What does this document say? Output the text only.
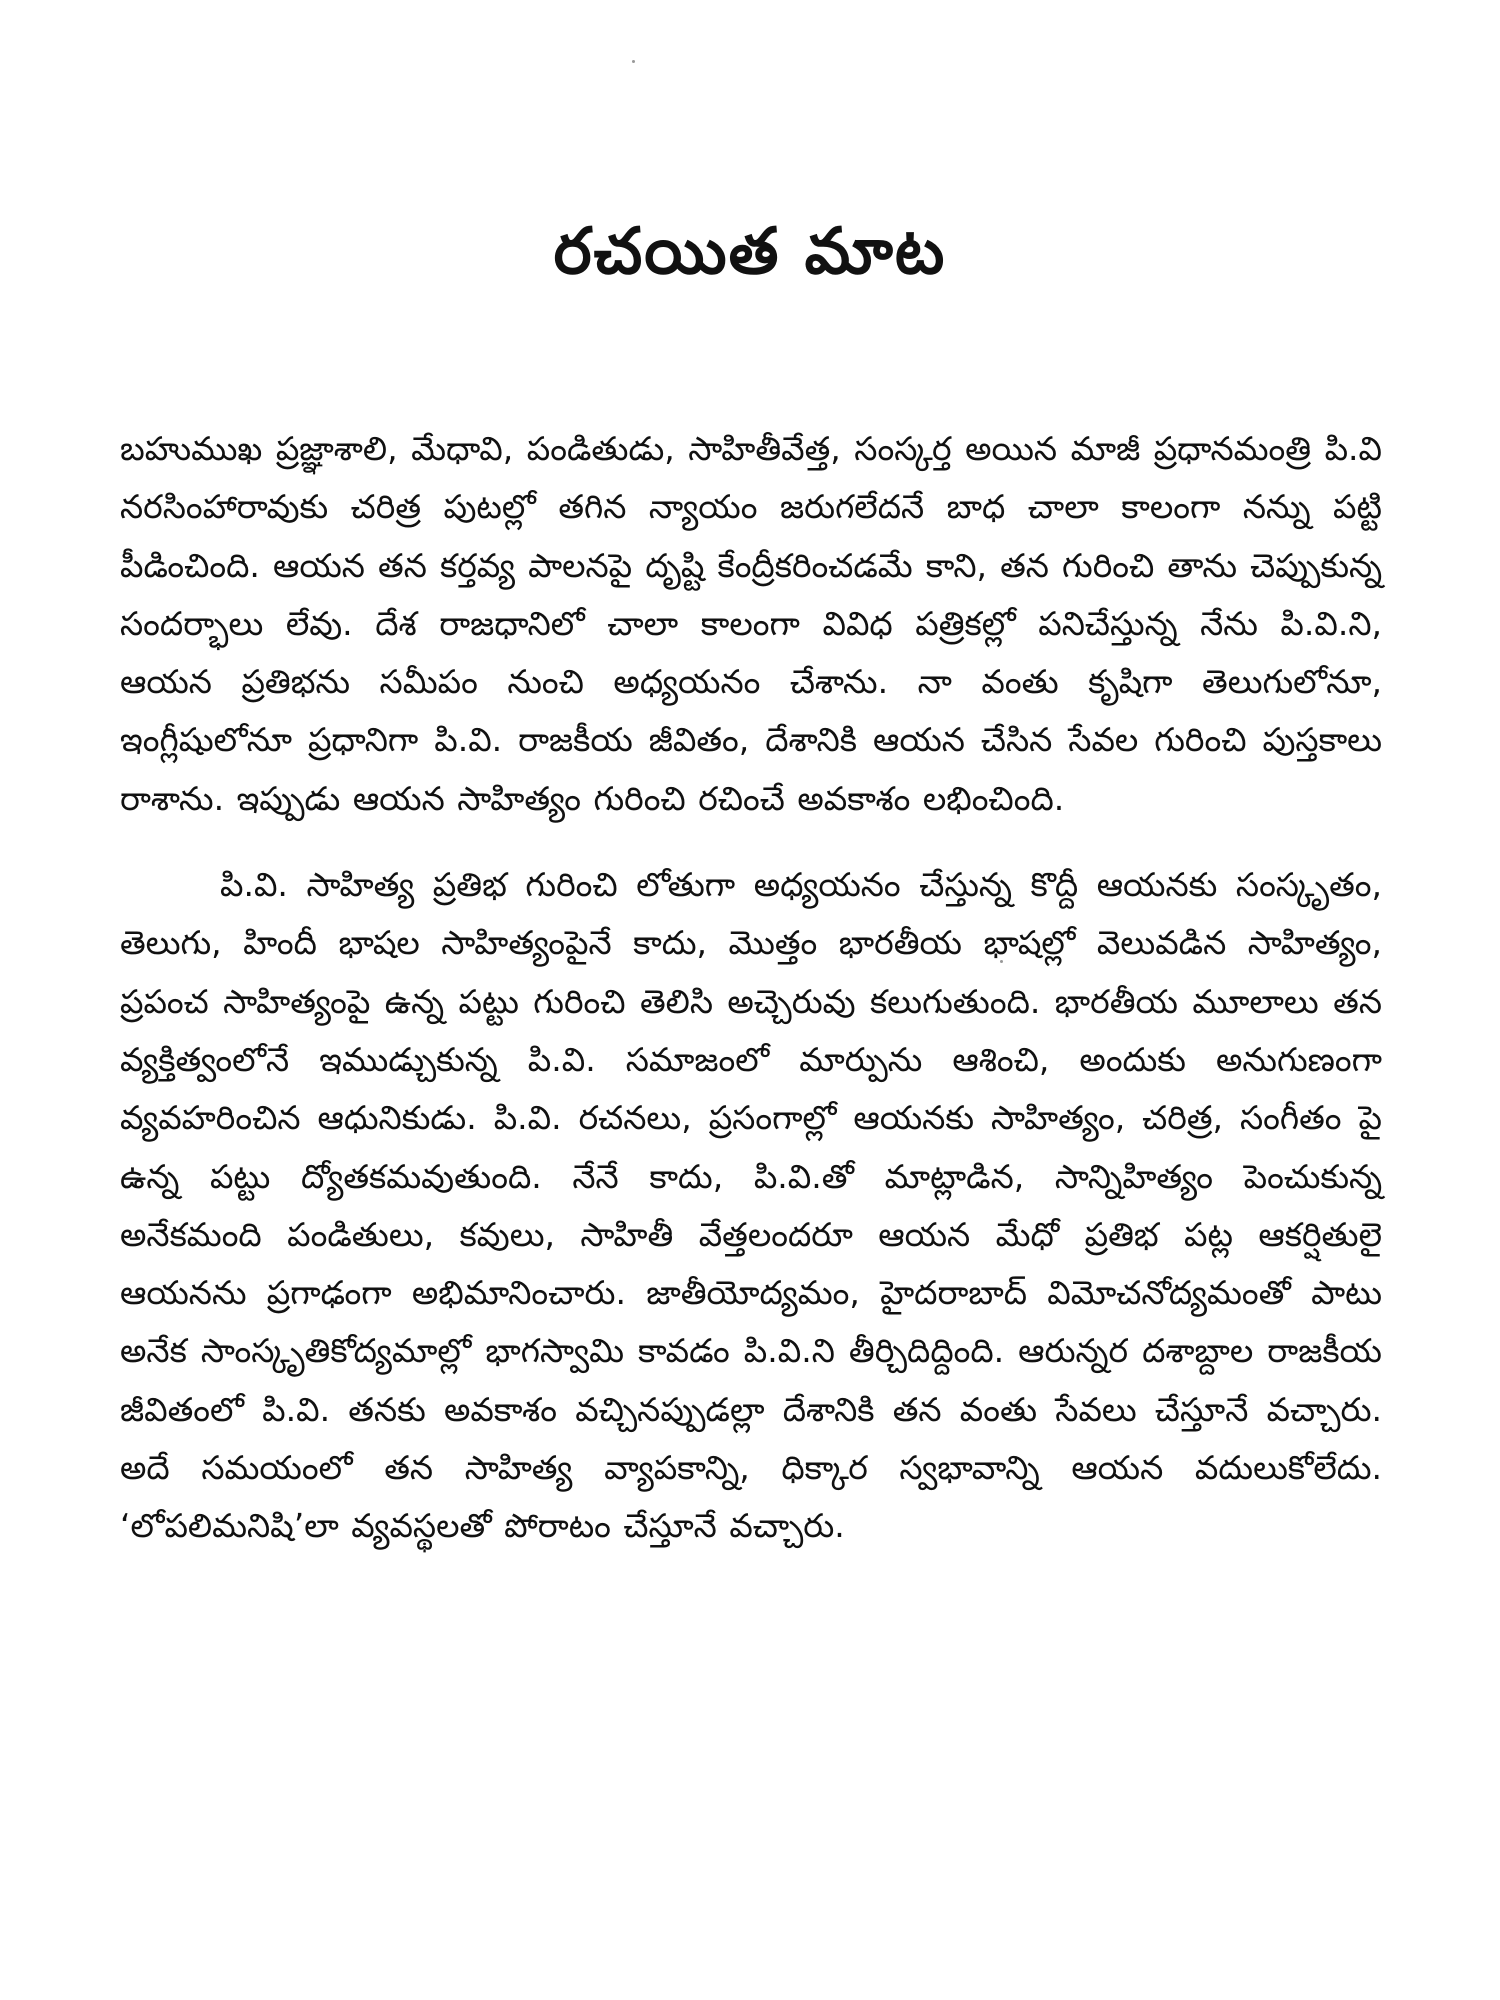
రచయిత మాట

బహుముఖ ప్రజ్ఞాశాలి, మేధావి, పండితుడు, సాహితీవేత్త, సంస్కర్త అయిన మాజీ ప్రధానమంత్రి పి.వి నరసింహారావుకు చరిత్ర పుటల్లో తగిన న్యాయం జరుగలేదనే బాధ చాలా కాలంగా నన్ను పట్టి పీడించింది. ఆయన తన కర్తవ్య పాలనపై దృష్టి కేంద్రీకరించడమే కాని, తన గురించి తాను చెప్పుకున్న సందర్భాలు లేవు. దేశ రాజధానిలో చాలా కాలంగా వివిధ పత్రికల్లో పనిచేస్తున్న నేను పి.వి.ని, ఆయన ప్రతిభను సమీపం నుంచి అధ్యయనం చేశాను. నా వంతు కృషిగా తెలుగులోనూ, ఇంగ్లీషులోనూ ప్రధానిగా పి.వి. రాజకీయ జీవితం, దేశానికి ఆయన చేసిన సేవల గురించి పుస్తకాలు రాశాను. ఇప్పుడు ఆయన సాహిత్యం గురించి రచించే అవకాశం లభించింది.

పి.వి. సాహిత్య ప్రతిభ గురించి లోతుగా అధ్యయనం చేస్తున్న కొద్దీ ఆయనకు సంస్కృతం, తెలుగు, హిందీ భాషల సాహిత్యంపైనే కాదు, మొత్తం భారతీయ భాషల్లో వెలువడిన సాహిత్యం, ప్రపంచ సాహిత్యంపై ఉన్న పట్టు గురించి తెలిసి అచ్చెరువు కలుగుతుంది. భారతీయ మూలాలు తన వ్యక్తిత్వంలోనే ఇముడ్చుకున్న పి.వి. సమాజంలో మార్పును ఆశించి, అందుకు అనుగుణంగా వ్యవహరించిన ఆధునికుడు. పి.వి. రచనలు, ప్రసంగాల్లో ఆయనకు సాహిత్యం, చరిత్ర, సంగీతం పై ఉన్న పట్టు ద్యోతకమవుతుంది. నేనే కాదు, పి.వి.తో మాట్లాడిన, సాన్నిహిత్యం పెంచుకున్న అనేకమంది పండితులు, కవులు, సాహితీ వేత్తలందరూ ఆయన మేధో ప్రతిభ పట్ల ఆకర్షితులై ఆయనను ప్రగాఢంగా అభిమానించారు. జాతీయోద్యమం, హైదరాబాద్ విమోచనోద్యమంతో పాటు అనేక సాంస్కృతికోద్యమాల్లో భాగస్వామి కావడం పి.వి.ని తీర్చిదిద్దింది. ఆరున్నర దశాబ్దాల రాజకీయ జీవితంలో పి.వి. తనకు అవకాశం వచ్చినప్పుడల్లా దేశానికి తన వంతు సేవలు చేస్తూనే వచ్చారు. అదే సమయంలో తన సాహిత్య వ్యాపకాన్ని, ధిక్కార స్వభావాన్ని ఆయన వదులుకోలేదు. ‘లోపలిమనిషి’లా వ్యవస్థలతో పోరాటం చేస్తూనే వచ్చారు.
